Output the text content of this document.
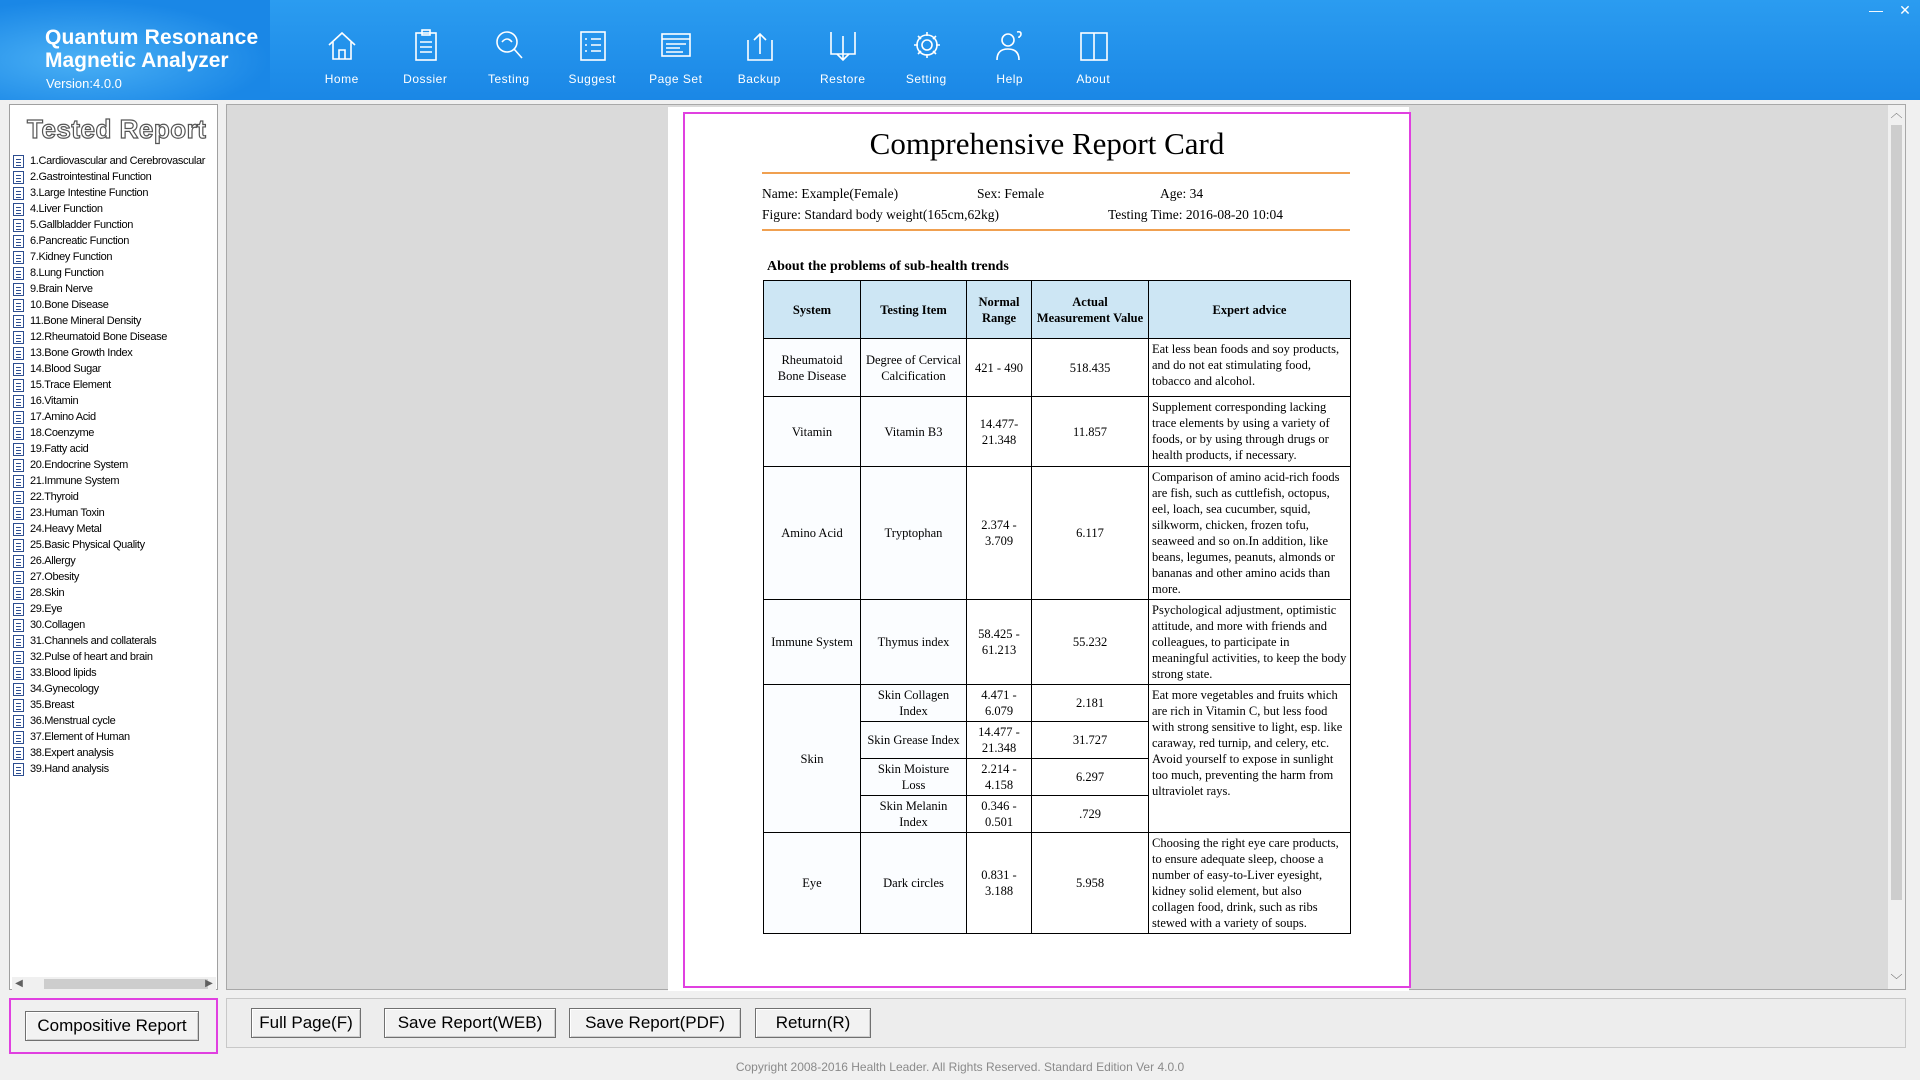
Quantum Resonance
Magnetic Analyzer
Version:4.0.0	Home	Dossier	Testing	Suggest	Page Set	Backup	Restore	Setting	Help	About
—	✕
Tested Report
1.Cardiovascular and Cerebrovascular
2.Gastrointestinal Function
3.Large Intestine Function
4.Liver Function
5.Gallbladder Function
6.Pancreatic Function
7.Kidney Function
8.Lung Function
9.Brain Nerve
10.Bone Disease
11.Bone Mineral Density
12.Rheumatoid Bone Disease
13.Bone Growth Index
14.Blood Sugar
15.Trace Element
16.Vitamin
17.Amino Acid
18.Coenzyme
19.Fatty acid
20.Endocrine System
21.Immune System
22.Thyroid
23.Human Toxin
24.Heavy Metal
25.Basic Physical Quality
26.Allergy
27.Obesity
28.Skin
29.Eye
30.Collagen
31.Channels and collaterals
32.Pulse of heart and brain
33.Blood lipids
34.Gynecology
35.Breast
36.Menstrual cycle
37.Element of Human
38.Expert analysis
39.Hand analysis
◀	▶
︿
﹀
Comprehensive Report Card
Name: Example(Female)	Sex: Female	Age: 34
Figure: Standard body weight(165cm,62kg)	Testing Time: 2016-08-20 10:04
About the problems of sub-health trends
System	Testing Item	Normal Range	Actual Measurement Value	Expert advice
Rheumatoid Bone Disease	Degree of Cervical Calcification	421 - 490	518.435	Eat less bean foods and soy products, and do not eat stimulating food, tobacco and alcohol.
Vitamin	Vitamin B3	14.477-21.348	11.857	Supplement corresponding lacking trace elements by using a variety of foods, or by using through drugs or health products, if necessary.
Amino Acid	Tryptophan	2.374 - 3.709	6.117	Comparison of amino acid-rich foods are fish, such as cuttlefish, octopus, eel, loach, sea cucumber, squid, silkworm, chicken, frozen tofu, seaweed and so on.In addition, like beans, legumes, peanuts, almonds or bananas and other amino acids than more.
Immune System	Thymus index	58.425 - 61.213	55.232	Psychological adjustment, optimistic attitude, and more with friends and colleagues, to participate in meaningful activities, to keep the body strong state.
Skin	Skin Collagen Index	4.471 - 6.079	2.181	Eat more vegetables and fruits which are rich in Vitamin C, but less food with strong sensitive to light, esp. like caraway, red turnip, and celery, etc. Avoid yourself to expose in sunlight too much, preventing the harm from ultraviolet rays.
	Skin Grease Index	14.477 - 21.348	31.727	
	Skin Moisture Loss	2.214 - 4.158	6.297	
	Skin Melanin Index	0.346 - 0.501	.729	
Eye	Dark circles	0.831 - 3.188	5.958	Choosing the right eye care products, to ensure adequate sleep, choose a number of easy-to-Liver eyesight, kidney solid element, but also collagen food, drink, such as ribs stewed with a variety of soups.
Compositive Report	Full Page(F)	Save Report(WEB)	Save Report(PDF)	Return(R)
Copyright 2008-2016 Health Leader. All Rights Reserved. Standard Edition Ver 4.0.0
